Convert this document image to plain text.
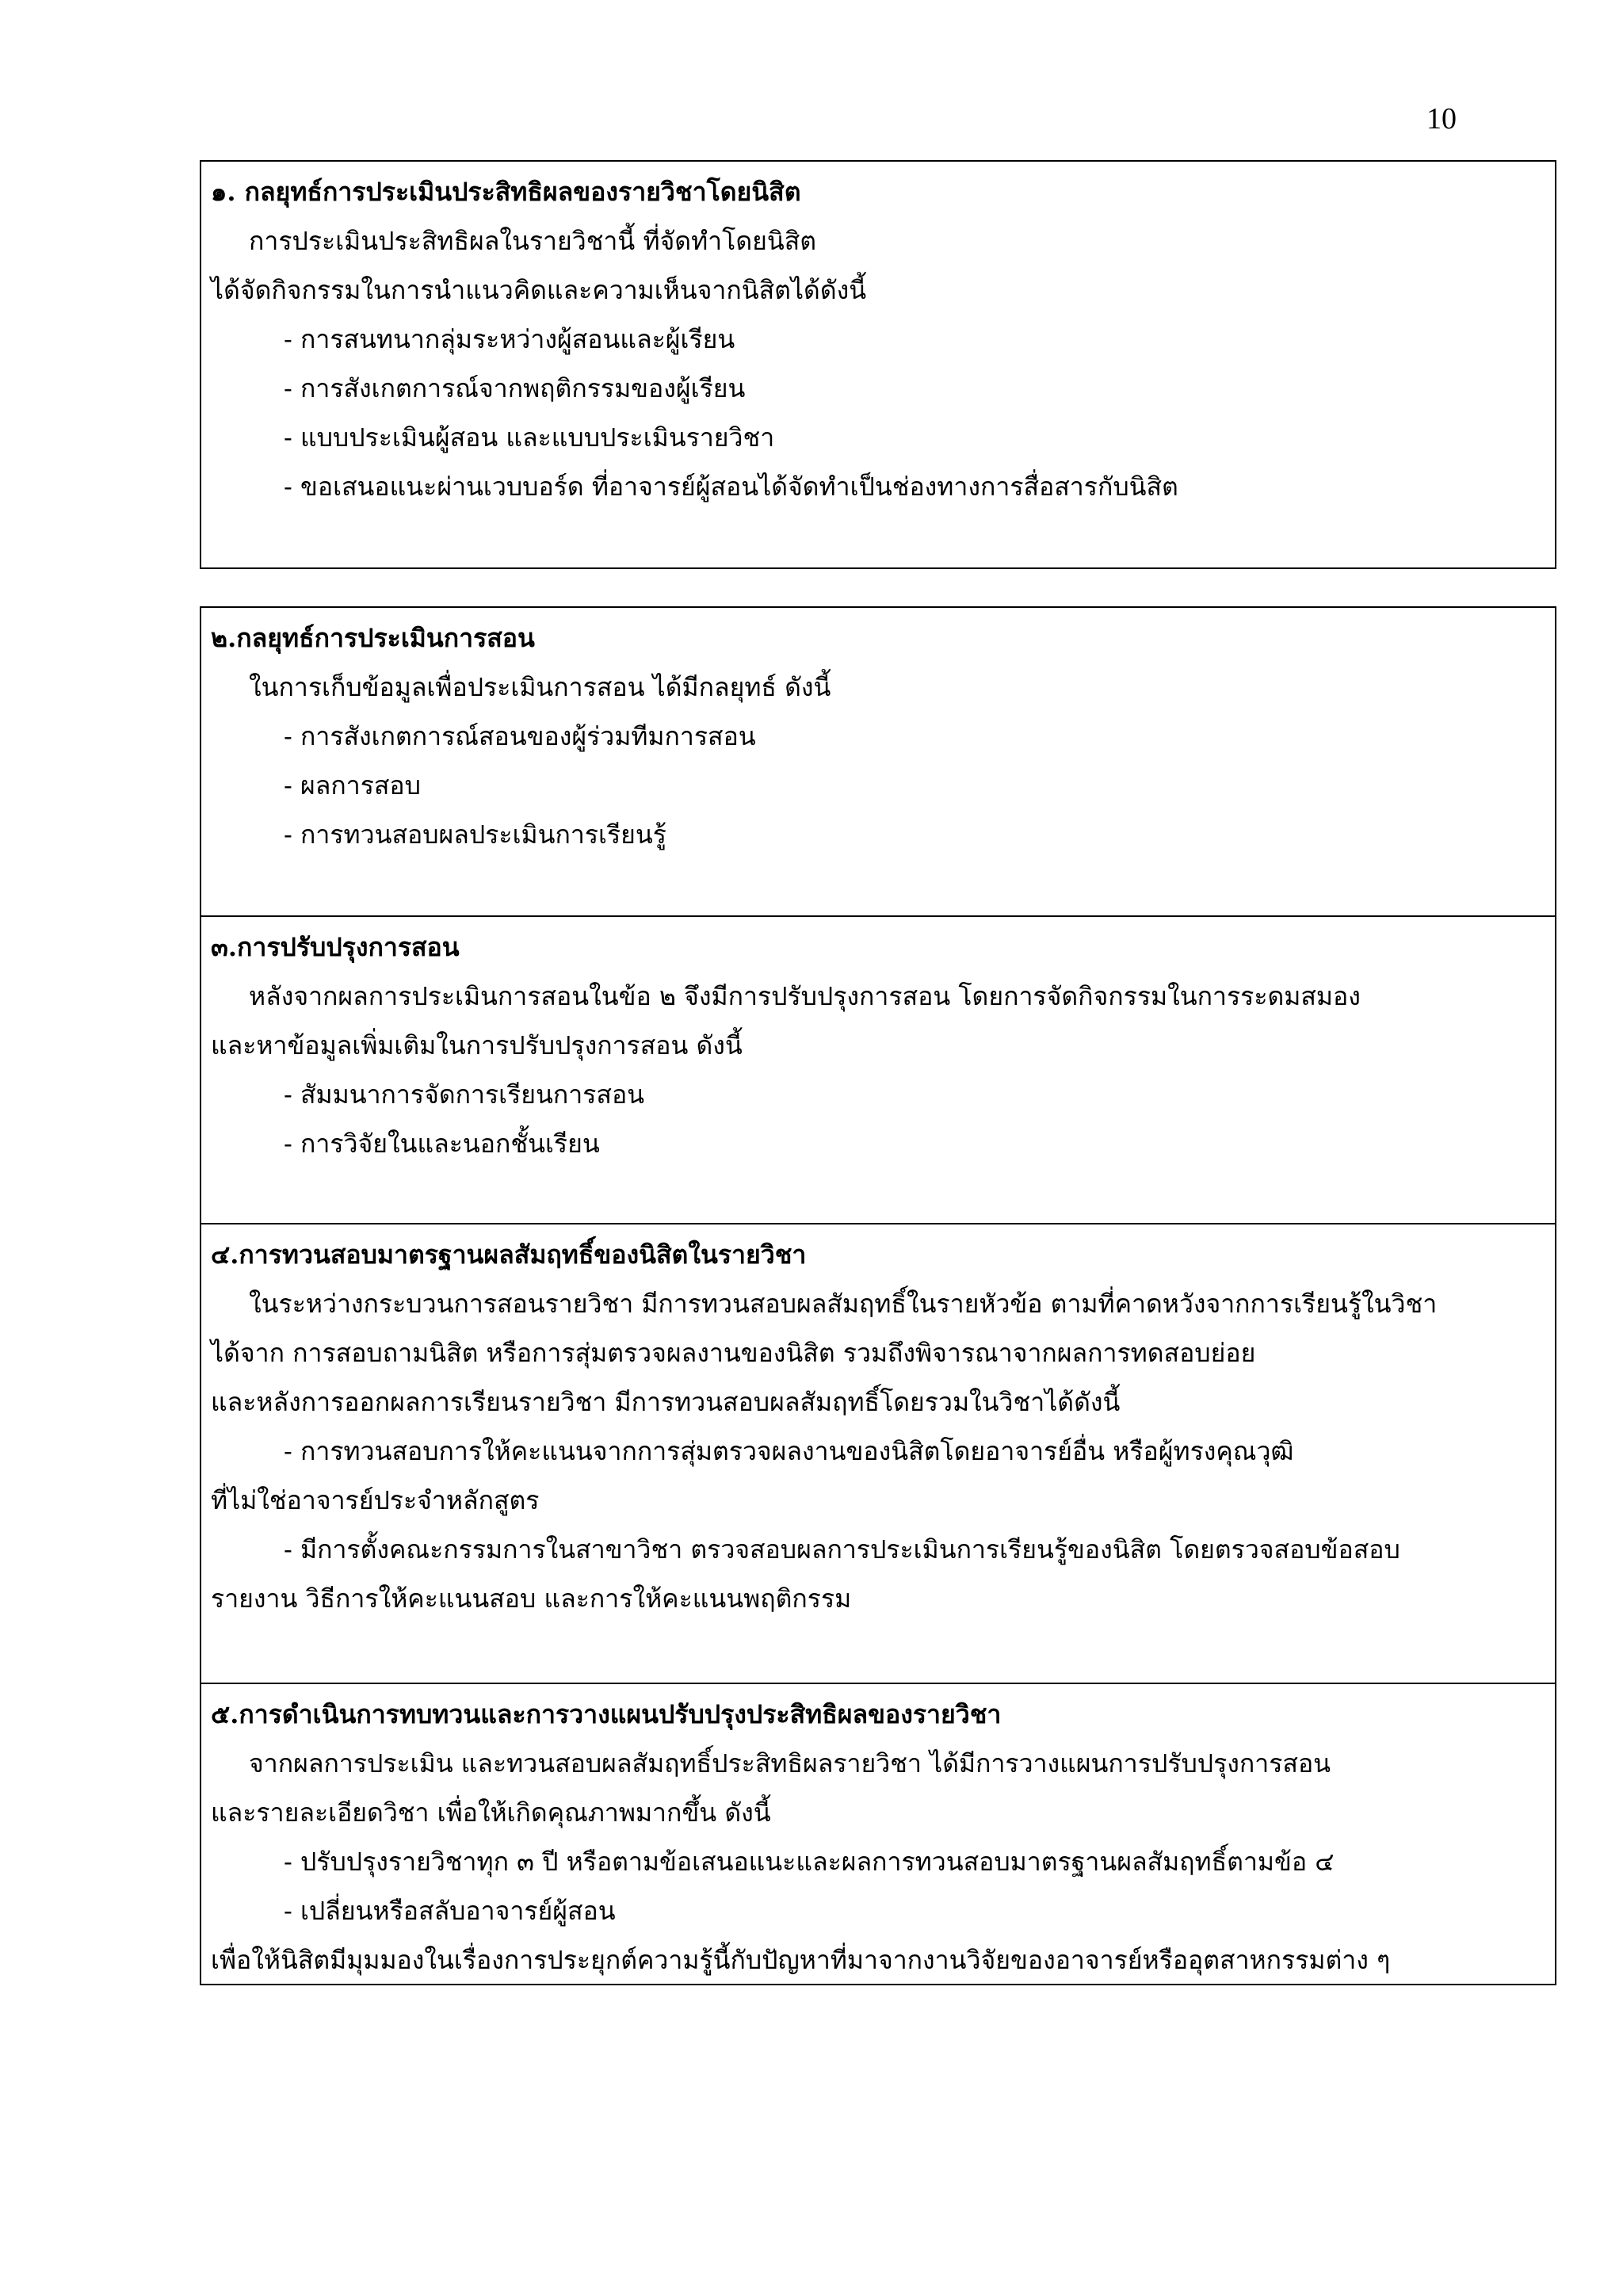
10
๑. กลยุทธ์การประเมินประสิทธิผลของรายวิชาโดยนิสิต
การประเมินประสิทธิผลในรายวิชานี้ ที่จัดทำโดยนิสิต
ได้จัดกิจกรรมในการนำแนวคิดและความเห็นจากนิสิตได้ดังนี้
- การสนทนากลุ่มระหว่างผู้สอนและผู้เรียน
- การสังเกตการณ์จากพฤติกรรมของผู้เรียน
- แบบประเมินผู้สอน และแบบประเมินรายวิชา
- ขอเสนอแนะผ่านเวบบอร์ด ที่อาจารย์ผู้สอนได้จัดทำเป็นช่องทางการสื่อสารกับนิสิต
๒.กลยุทธ์การประเมินการสอน
ในการเก็บข้อมูลเพื่อประเมินการสอน ได้มีกลยุทธ์ ดังนี้
- การสังเกตการณ์สอนของผู้ร่วมทีมการสอน
- ผลการสอบ
- การทวนสอบผลประเมินการเรียนรู้
๓.การปรับปรุงการสอน
หลังจากผลการประเมินการสอนในข้อ ๒ จึงมีการปรับปรุงการสอน โดยการจัดกิจกรรมในการระดมสมอง
และหาข้อมูลเพิ่มเติมในการปรับปรุงการสอน ดังนี้
- สัมมนาการจัดการเรียนการสอน
- การวิจัยในและนอกชั้นเรียน
๔.การทวนสอบมาตรฐานผลสัมฤทธิ์ของนิสิตในรายวิชา
ในระหว่างกระบวนการสอนรายวิชา มีการทวนสอบผลสัมฤทธิ์ในรายหัวข้อ ตามที่คาดหวังจากการเรียนรู้ในวิชา
ได้จาก การสอบถามนิสิต หรือการสุ่มตรวจผลงานของนิสิต รวมถึงพิจารณาจากผลการทดสอบย่อย
และหลังการออกผลการเรียนรายวิชา มีการทวนสอบผลสัมฤทธิ์โดยรวมในวิชาได้ดังนี้
- การทวนสอบการให้คะแนนจากการสุ่มตรวจผลงานของนิสิตโดยอาจารย์อื่น หรือผู้ทรงคุณวุฒิ
ที่ไม่ใช่อาจารย์ประจำหลักสูตร
- มีการตั้งคณะกรรมการในสาขาวิชา ตรวจสอบผลการประเมินการเรียนรู้ของนิสิต โดยตรวจสอบข้อสอบ
รายงาน วิธีการให้คะแนนสอบ และการให้คะแนนพฤติกรรม
๕.การดำเนินการทบทวนและการวางแผนปรับปรุงประสิทธิผลของรายวิชา
จากผลการประเมิน และทวนสอบผลสัมฤทธิ์ประสิทธิผลรายวิชา ได้มีการวางแผนการปรับปรุงการสอน
และรายละเอียดวิชา เพื่อให้เกิดคุณภาพมากขึ้น ดังนี้
- ปรับปรุงรายวิชาทุก ๓ ปี หรือตามข้อเสนอแนะและผลการทวนสอบมาตรฐานผลสัมฤทธิ์ตามข้อ ๔
- เปลี่ยนหรือสลับอาจารย์ผู้สอน
เพื่อให้นิสิตมีมุมมองในเรื่องการประยุกต์ความรู้นี้กับปัญหาที่มาจากงานวิจัยของอาจารย์หรืออุตสาหกรรมต่าง ๆ
